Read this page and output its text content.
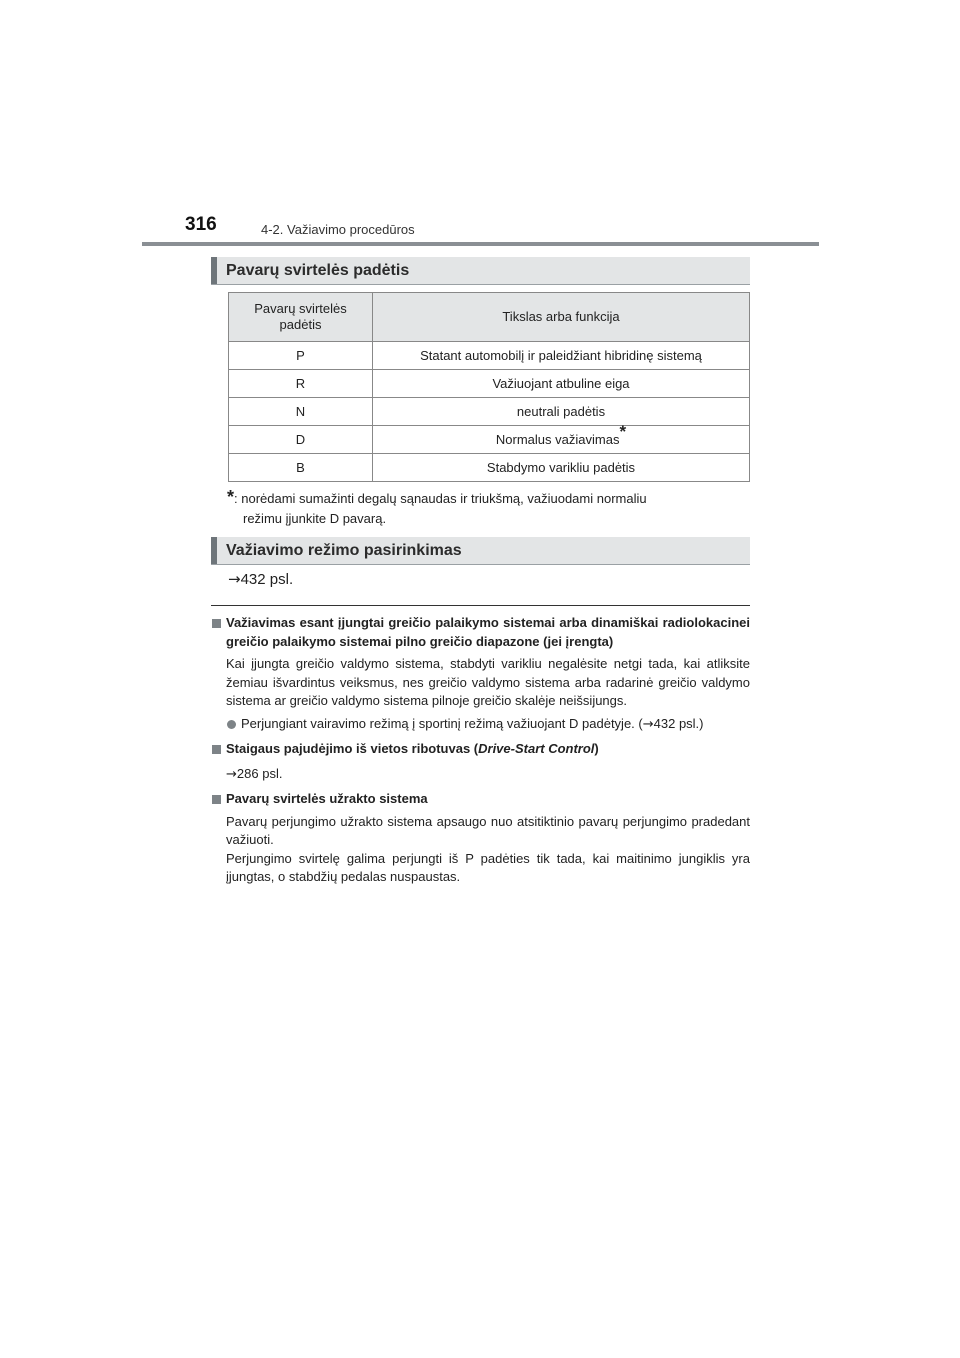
316	4-2. Važiavimo procedūros
Pavarų svirtelės padėtis
Pavarų svirtelės padėtis	Tikslas arba funkcija
P	Statant automobilį ir paleidžiant hibridinę sistemą
R	Važiuojant atbuline eiga
N	neutrali padėtis
D	Normalus važiavimas*
B	Stabdymo varikliu padėtis
*: norėdami sumažinti degalų sąnaudas ir triukšmą, važiuodami normaliu
režimu įjunkite D pavarą.
Važiavimo režimo pasirinkimas
→432 psl.
Važiavimas esant įjungtai greičio palaikymo sistemai arba dinamiškai radiolokacinei greičio palaikymo sistemai pilno greičio diapazone (jei įrengta)
Kai įjungta greičio valdymo sistema, stabdyti varikliu negalėsite netgi tada, kai atliksite žemiau išvardintus veiksmus, nes greičio valdymo sistema arba radarinė greičio valdymo sistema ar greičio valdymo sistema pilnoje greičio skalėje neišsijungs.
Perjungiant vairavimo režimą į sportinį režimą važiuojant D padėtyje. (→432 psl.)
Staigaus pajudėjimo iš vietos ribotuvas (Drive-Start Control)
→286 psl.
Pavarų svirtelės užrakto sistema
Pavarų perjungimo užrakto sistema apsaugo nuo atsitiktinio pavarų perjungimo pradedant važiuoti.
Perjungimo svirtelę galima perjungti iš P padėties tik tada, kai maitinimo jungiklis yra įjungtas, o stabdžių pedalas nuspaustas.
